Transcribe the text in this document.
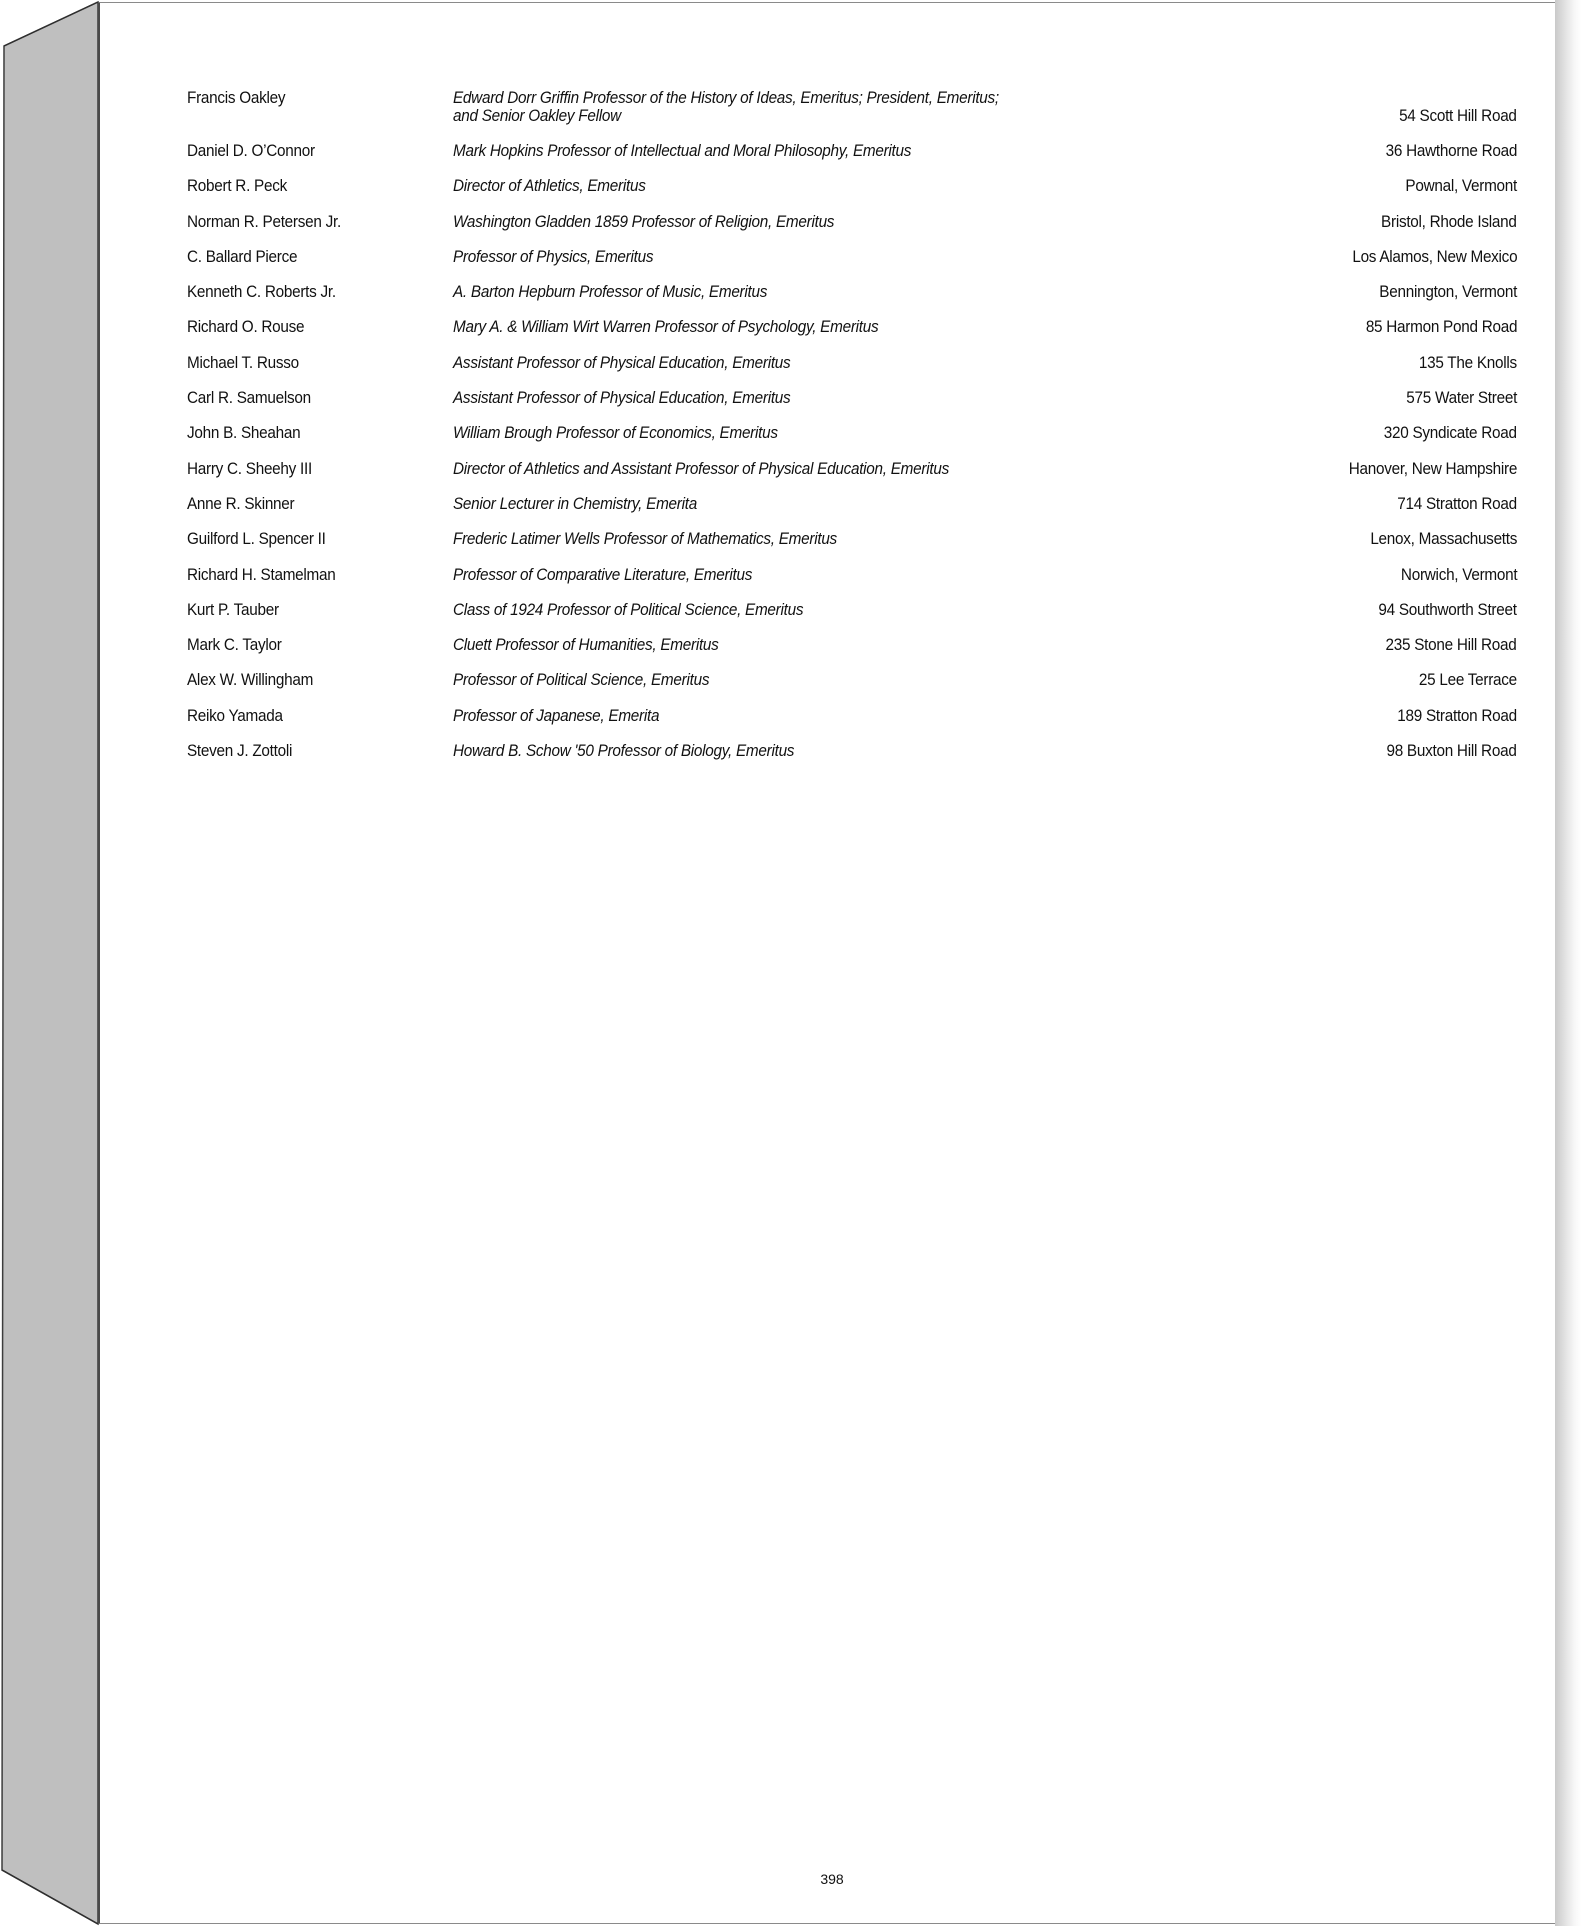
Francis Oakley	Edward Dorr Griffin Professor of the History of Ideas, Emeritus; President, Emeritus; and Senior Oakley Fellow	54 Scott Hill Road
Daniel D. O’Connor	Mark Hopkins Professor of Intellectual and Moral Philosophy, Emeritus	36 Hawthorne Road
Robert R. Peck	Director of Athletics, Emeritus	Pownal, Vermont
Norman R. Petersen Jr.	Washington Gladden 1859 Professor of Religion, Emeritus	Bristol, Rhode Island
C. Ballard Pierce	Professor of Physics, Emeritus	Los Alamos, New Mexico
Kenneth C. Roberts Jr.	A. Barton Hepburn Professor of Music, Emeritus	Bennington, Vermont
Richard O. Rouse	Mary A. & William Wirt Warren Professor of Psychology, Emeritus	85 Harmon Pond Road
Michael T. Russo	Assistant Professor of Physical Education, Emeritus	135 The Knolls
Carl R. Samuelson	Assistant Professor of Physical Education, Emeritus	575 Water Street
John B. Sheahan	William Brough Professor of Economics, Emeritus	320 Syndicate Road
Harry C. Sheehy III	Director of Athletics and Assistant Professor of Physical Education, Emeritus	Hanover, New Hampshire
Anne R. Skinner	Senior Lecturer in Chemistry, Emerita	714 Stratton Road
Guilford L. Spencer II	Frederic Latimer Wells Professor of Mathematics, Emeritus	Lenox, Massachusetts
Richard H. Stamelman	Professor of Comparative Literature, Emeritus	Norwich, Vermont
Kurt P. Tauber	Class of 1924 Professor of Political Science, Emeritus	94 Southworth Street
Mark C. Taylor	Cluett Professor of Humanities, Emeritus	235 Stone Hill Road
Alex W. Willingham	Professor of Political Science, Emeritus	25 Lee Terrace
Reiko Yamada	Professor of Japanese, Emerita	189 Stratton Road
Steven J. Zottoli	Howard B. Schow '50 Professor of Biology, Emeritus	98 Buxton Hill Road
398
